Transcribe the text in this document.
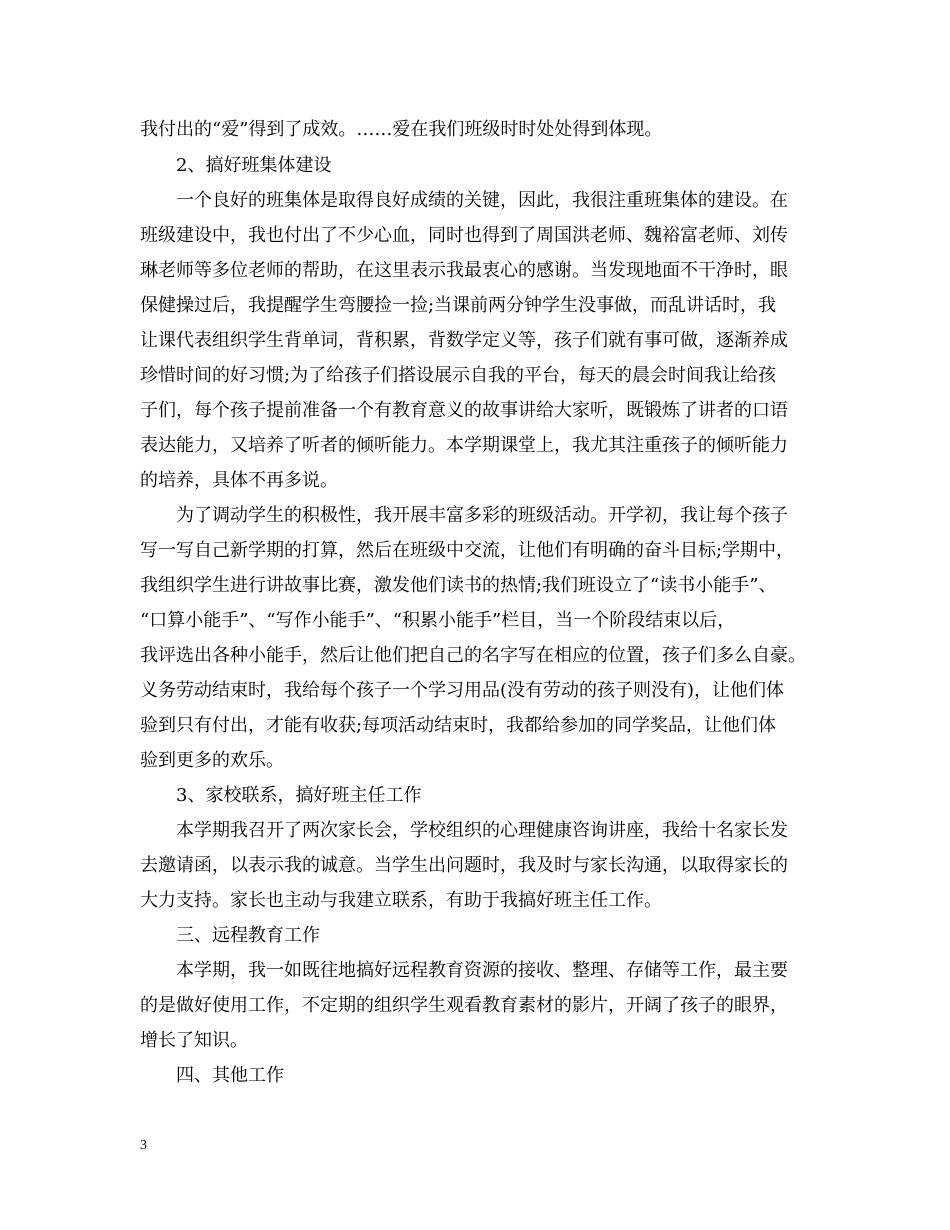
我付出的“爱”得到了成效。……爱在我们班级时时处处得到体现。
2、搞好班集体建设
一个良好的班集体是取得良好成绩的关键，因此，我很注重班集体的建设。在
班级建设中，我也付出了不少心血，同时也得到了周国洪老师、魏裕富老师、刘传
琳老师等多位老师的帮助，在这里表示我最衷心的感谢。当发现地面不干净时，眼
保健操过后，我提醒学生弯腰捡一捡;当课前两分钟学生没事做，而乱讲话时，我
让课代表组织学生背单词，背积累，背数学定义等，孩子们就有事可做，逐渐养成
珍惜时间的好习惯;为了给孩子们搭设展示自我的平台，每天的晨会时间我让给孩
子们，每个孩子提前准备一个有教育意义的故事讲给大家听，既锻炼了讲者的口语
表达能力，又培养了听者的倾听能力。本学期课堂上，我尤其注重孩子的倾听能力
的培养，具体不再多说。
为了调动学生的积极性，我开展丰富多彩的班级活动。开学初，我让每个孩子
写一写自己新学期的打算，然后在班级中交流，让他们有明确的奋斗目标;学期中，
我组织学生进行讲故事比赛，激发他们读书的热情;我们班设立了“读书小能手”、
“口算小能手”、“写作小能手”、“积累小能手”栏目，当一个阶段结束以后，
我评选出各种小能手，然后让他们把自己的名字写在相应的位置，孩子们多么自豪。
义务劳动结束时，我给每个孩子一个学习用品(没有劳动的孩子则没有)，让他们体
验到只有付出，才能有收获;每项活动结束时，我都给参加的同学奖品，让他们体
验到更多的欢乐。
3、家校联系，搞好班主任工作
本学期我召开了两次家长会，学校组织的心理健康咨询讲座，我给十名家长发
去邀请函，以表示我的诚意。当学生出问题时，我及时与家长沟通，以取得家长的
大力支持。家长也主动与我建立联系，有助于我搞好班主任工作。
三、远程教育工作
本学期，我一如既往地搞好远程教育资源的接收、整理、存储等工作，最主要
的是做好使用工作，不定期的组织学生观看教育素材的影片，开阔了孩子的眼界，
增长了知识。
四、其他工作
3
